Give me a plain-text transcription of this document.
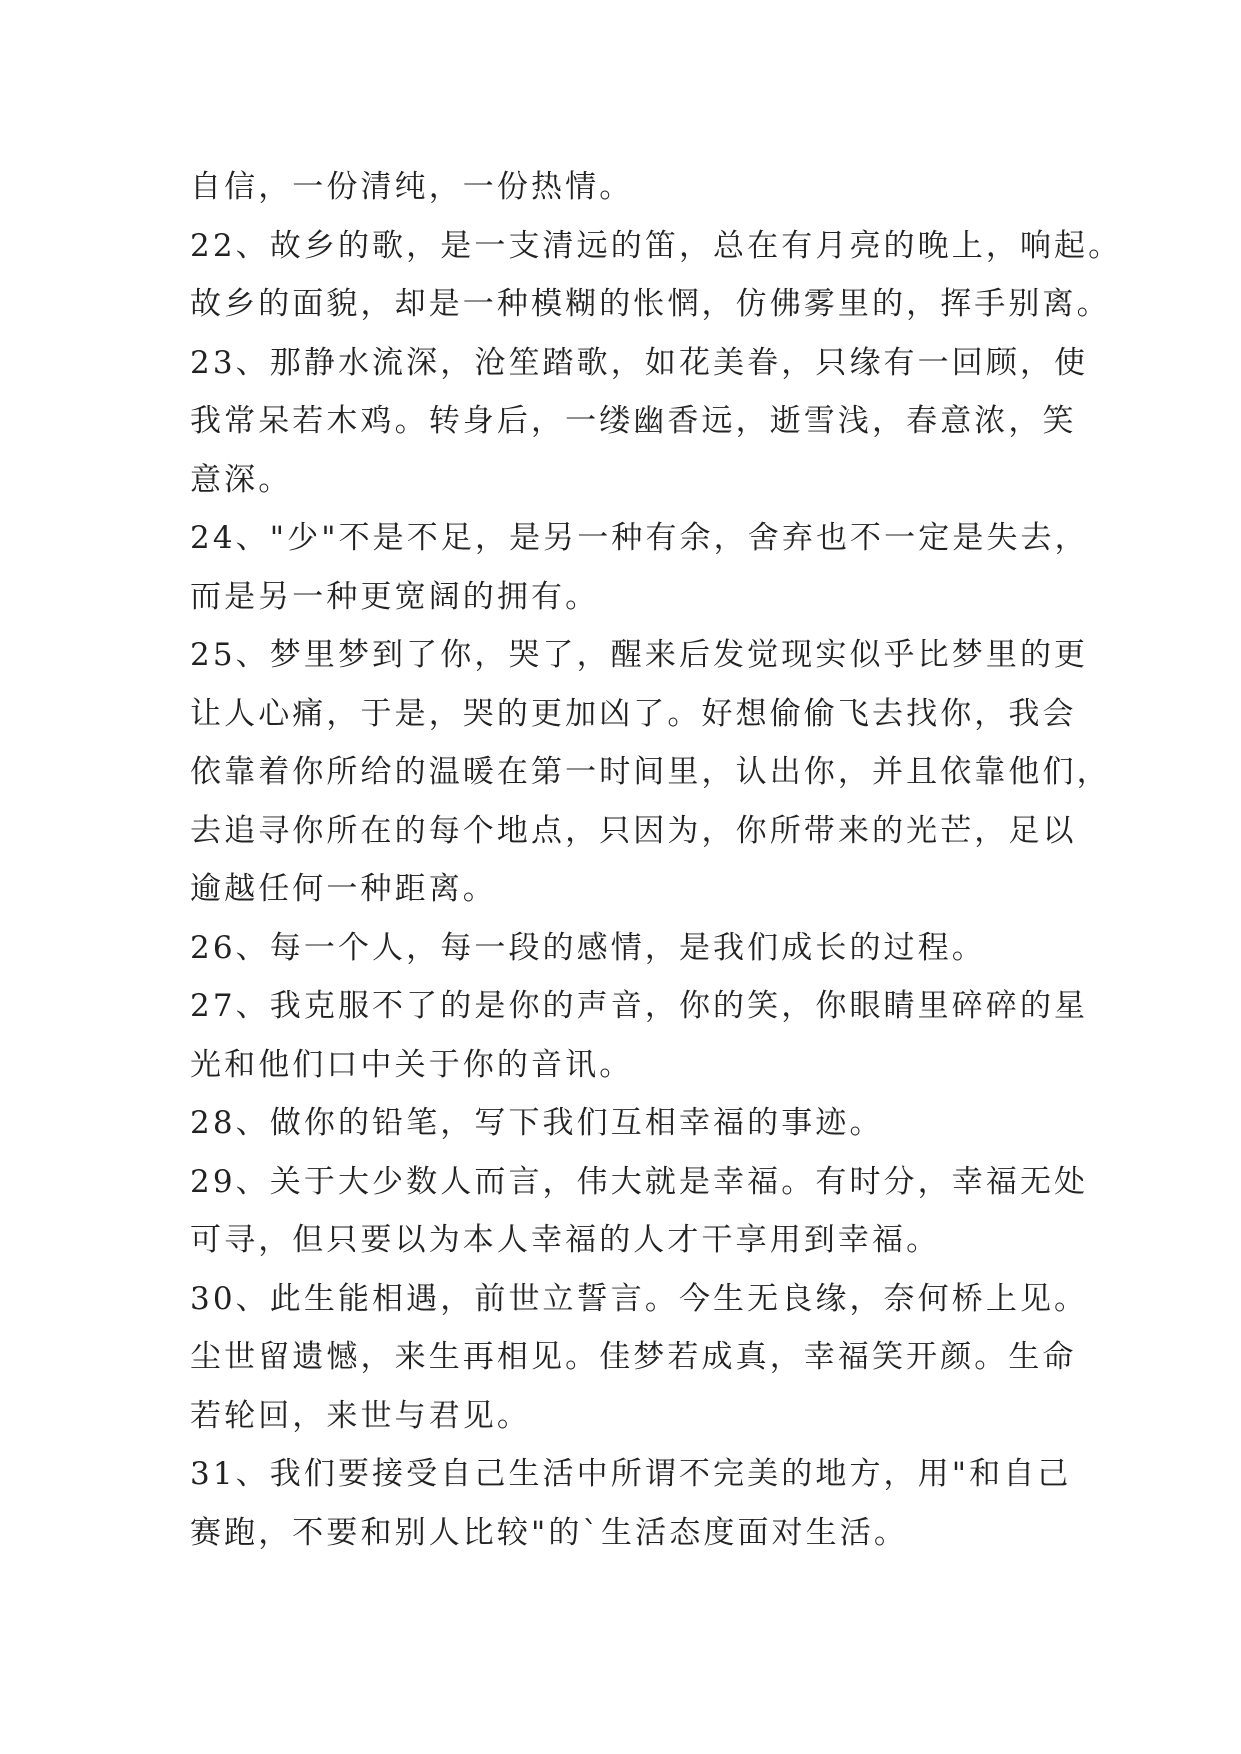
自信，一份清纯，一份热情。
22、故乡的歌，是一支清远的笛，总在有月亮的晚上，响起。
故乡的面貌，却是一种模糊的怅惘，仿佛雾里的，挥手别离。
23、那静水流深，沧笙踏歌，如花美眷，只缘有一回顾，使
我常呆若木鸡。转身后，一缕幽香远，逝雪浅，春意浓，笑
意深。
24、"少"不是不足，是另一种有余，舍弃也不一定是失去，
而是另一种更宽阔的拥有。
25、梦里梦到了你，哭了，醒来后发觉现实似乎比梦里的更
让人心痛，于是，哭的更加凶了。好想偷偷飞去找你，我会
依靠着你所给的温暖在第一时间里，认出你，并且依靠他们，
去追寻你所在的每个地点，只因为，你所带来的光芒，足以
逾越任何一种距离。
26、每一个人，每一段的感情，是我们成长的过程。
27、我克服不了的是你的声音，你的笑，你眼睛里碎碎的星
光和他们口中关于你的音讯。
28、做你的铅笔，写下我们互相幸福的事迹。
29、关于大少数人而言，伟大就是幸福。有时分，幸福无处
可寻，但只要以为本人幸福的人才干享用到幸福。
30、此生能相遇，前世立誓言。今生无良缘，奈何桥上见。
尘世留遗憾，来生再相见。佳梦若成真，幸福笑开颜。生命
若轮回，来世与君见。
31、我们要接受自己生活中所谓不完美的地方，用"和自己
赛跑，不要和别人比较"的`生活态度面对生活。
